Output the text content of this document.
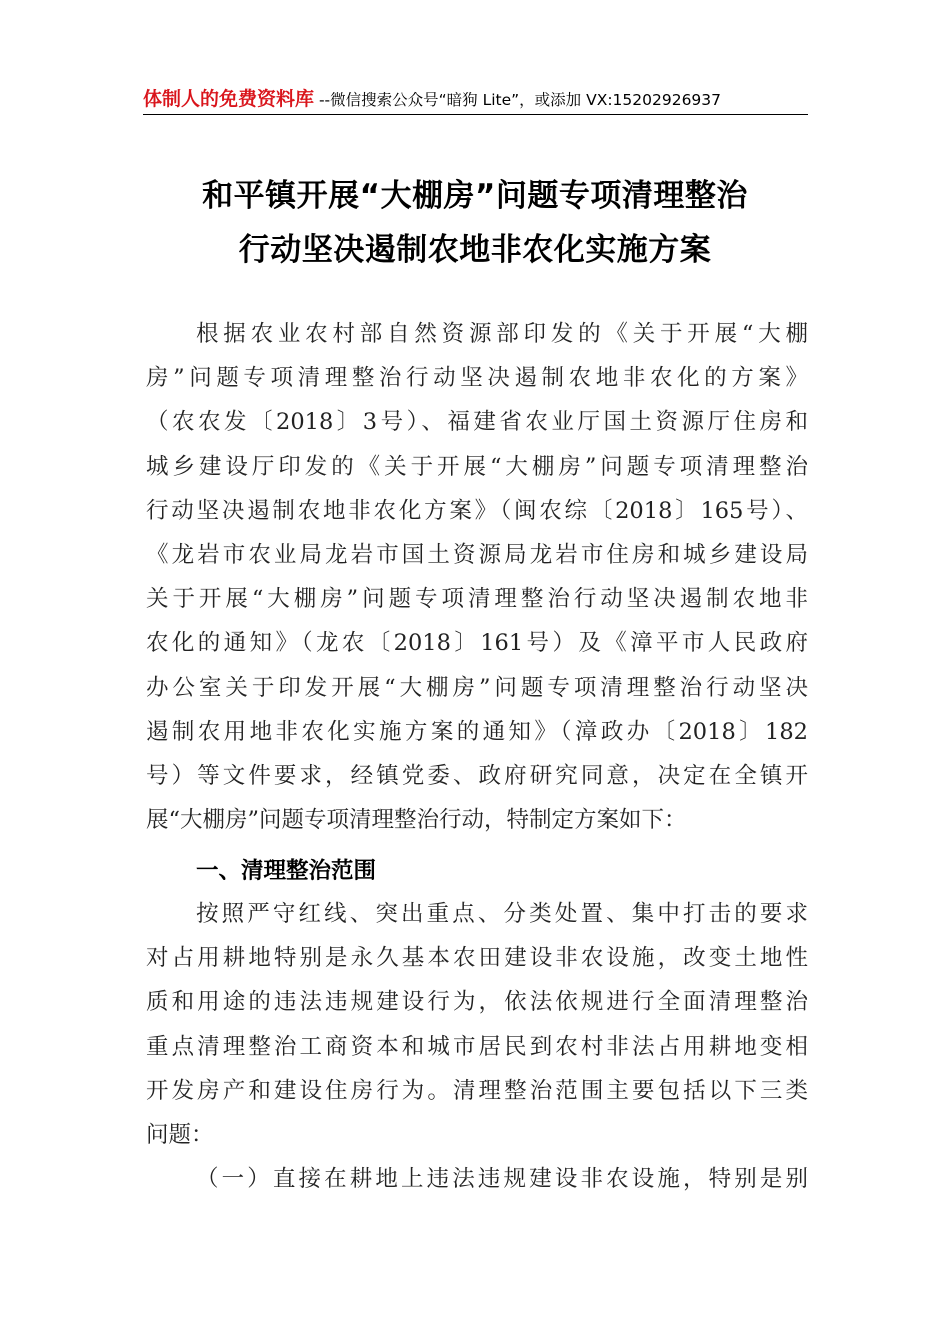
体制人的免费资料库 --微信搜索公众号“暗狗 Lite”，或添加 VX:15202926937
和平镇开展“大棚房”问题专项清理整治
行动坚决遏制农地非农化实施方案
根据农业农村部自然资源部印发的《关于开展“大棚
房”问题专项清理整治行动坚决遏制农地非农化的方案》
（农农发〔2018〕3号）、福建省农业厅国土资源厅住房和
城乡建设厅印发的《关于开展“大棚房”问题专项清理整治
行动坚决遏制农地非农化方案》（闽农综〔2018〕165号）、
《龙岩市农业局龙岩市国土资源局龙岩市住房和城乡建设局
关于开展“大棚房”问题专项清理整治行动坚决遏制农地非
农化的通知》（龙农〔2018〕161号）及《漳平市人民政府
办公室关于印发开展“大棚房”问题专项清理整治行动坚决
遏制农用地非农化实施方案的通知》（漳政办〔2018〕182
号）等文件要求，经镇党委、政府研究同意，决定在全镇开
展“大棚房”问题专项清理整治行动，特制定方案如下：
一、清理整治范围
按照严守红线、突出重点、分类处置、集中打击的要求
对占用耕地特别是永久基本农田建设非农设施，改变土地性
质和用途的违法违规建设行为，依法依规进行全面清理整治
重点清理整治工商资本和城市居民到农村非法占用耕地变相
开发房产和建设住房行为。清理整治范围主要包括以下三类
问题：
（一）直接在耕地上违法违规建设非农设施，特别是别
